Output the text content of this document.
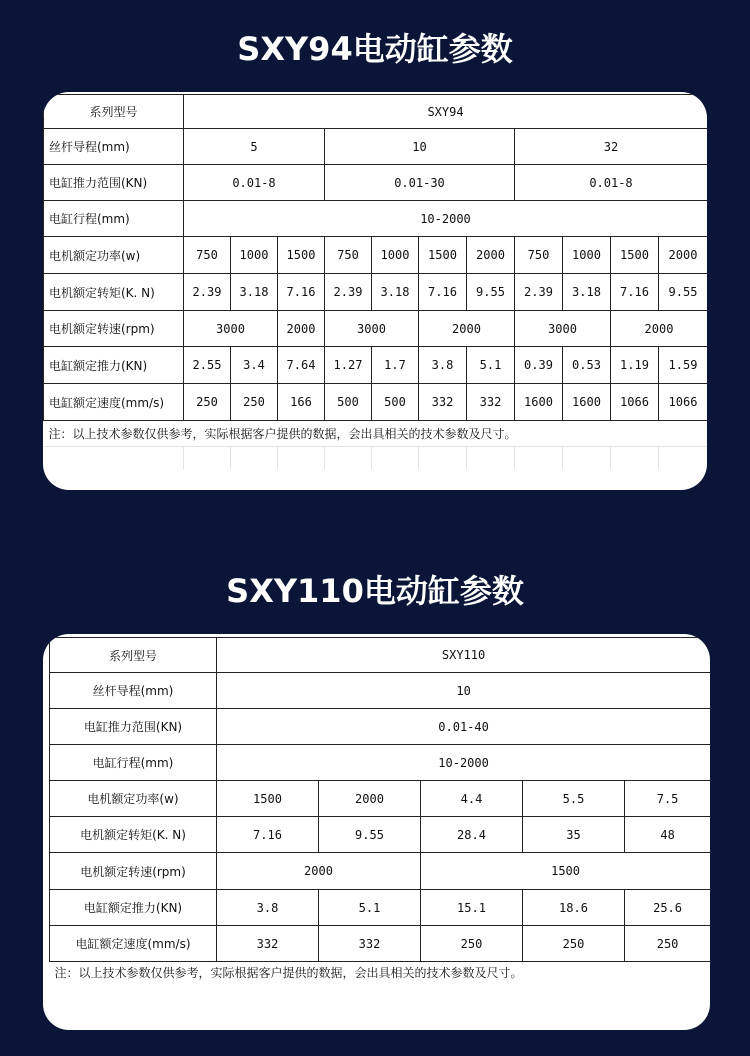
SXY94电动缸参数
系列型号	SXY94										
丝杆导程(mm)	5			10				32			
电缸推力范围(KN)	0.01-8			0.01-30				0.01-8			
电缸行程(mm)	10-2000										
电机额定功率(w)	750	1000	1500	750	1000	1500	2000	750	1000	1500	2000
电机额定转矩(K. N)	2.39	3.18	7.16	2.39	3.18	7.16	9.55	2.39	3.18	7.16	9.55
电机额定转速(rpm)	3000		2000	3000		2000		3000		2000	
电缸额定推力(KN)	2.55	3.4	7.64	1.27	1.7	3.8	5.1	0.39	0.53	1.19	1.59
电缸额定速度(mm/s)	250	250	166	500	500	332	332	1600	1600	1066	1066
注：以上技术参数仅供参考，实际根据客户提供的数据，会出具相关的技术参数及尺寸。											

SXY110电动缸参数
系列型号	SXY110				
丝杆导程(mm)	10				
电缸推力范围(KN)	0.01-40				
电缸行程(mm)	10-2000				
电机额定功率(w)	1500	2000	4.4	5.5	7.5
电机额定转矩(K. N)	7.16	9.55	28.4	35	48
电机额定转速(rpm)	2000		1500		
电缸额定推力(KN)	3.8	5.1	15.1	18.6	25.6
电缸额定速度(mm/s)	332	332	250	250	250
注：以上技术参数仅供参考，实际根据客户提供的数据，会出具相关的技术参数及尺寸。					
